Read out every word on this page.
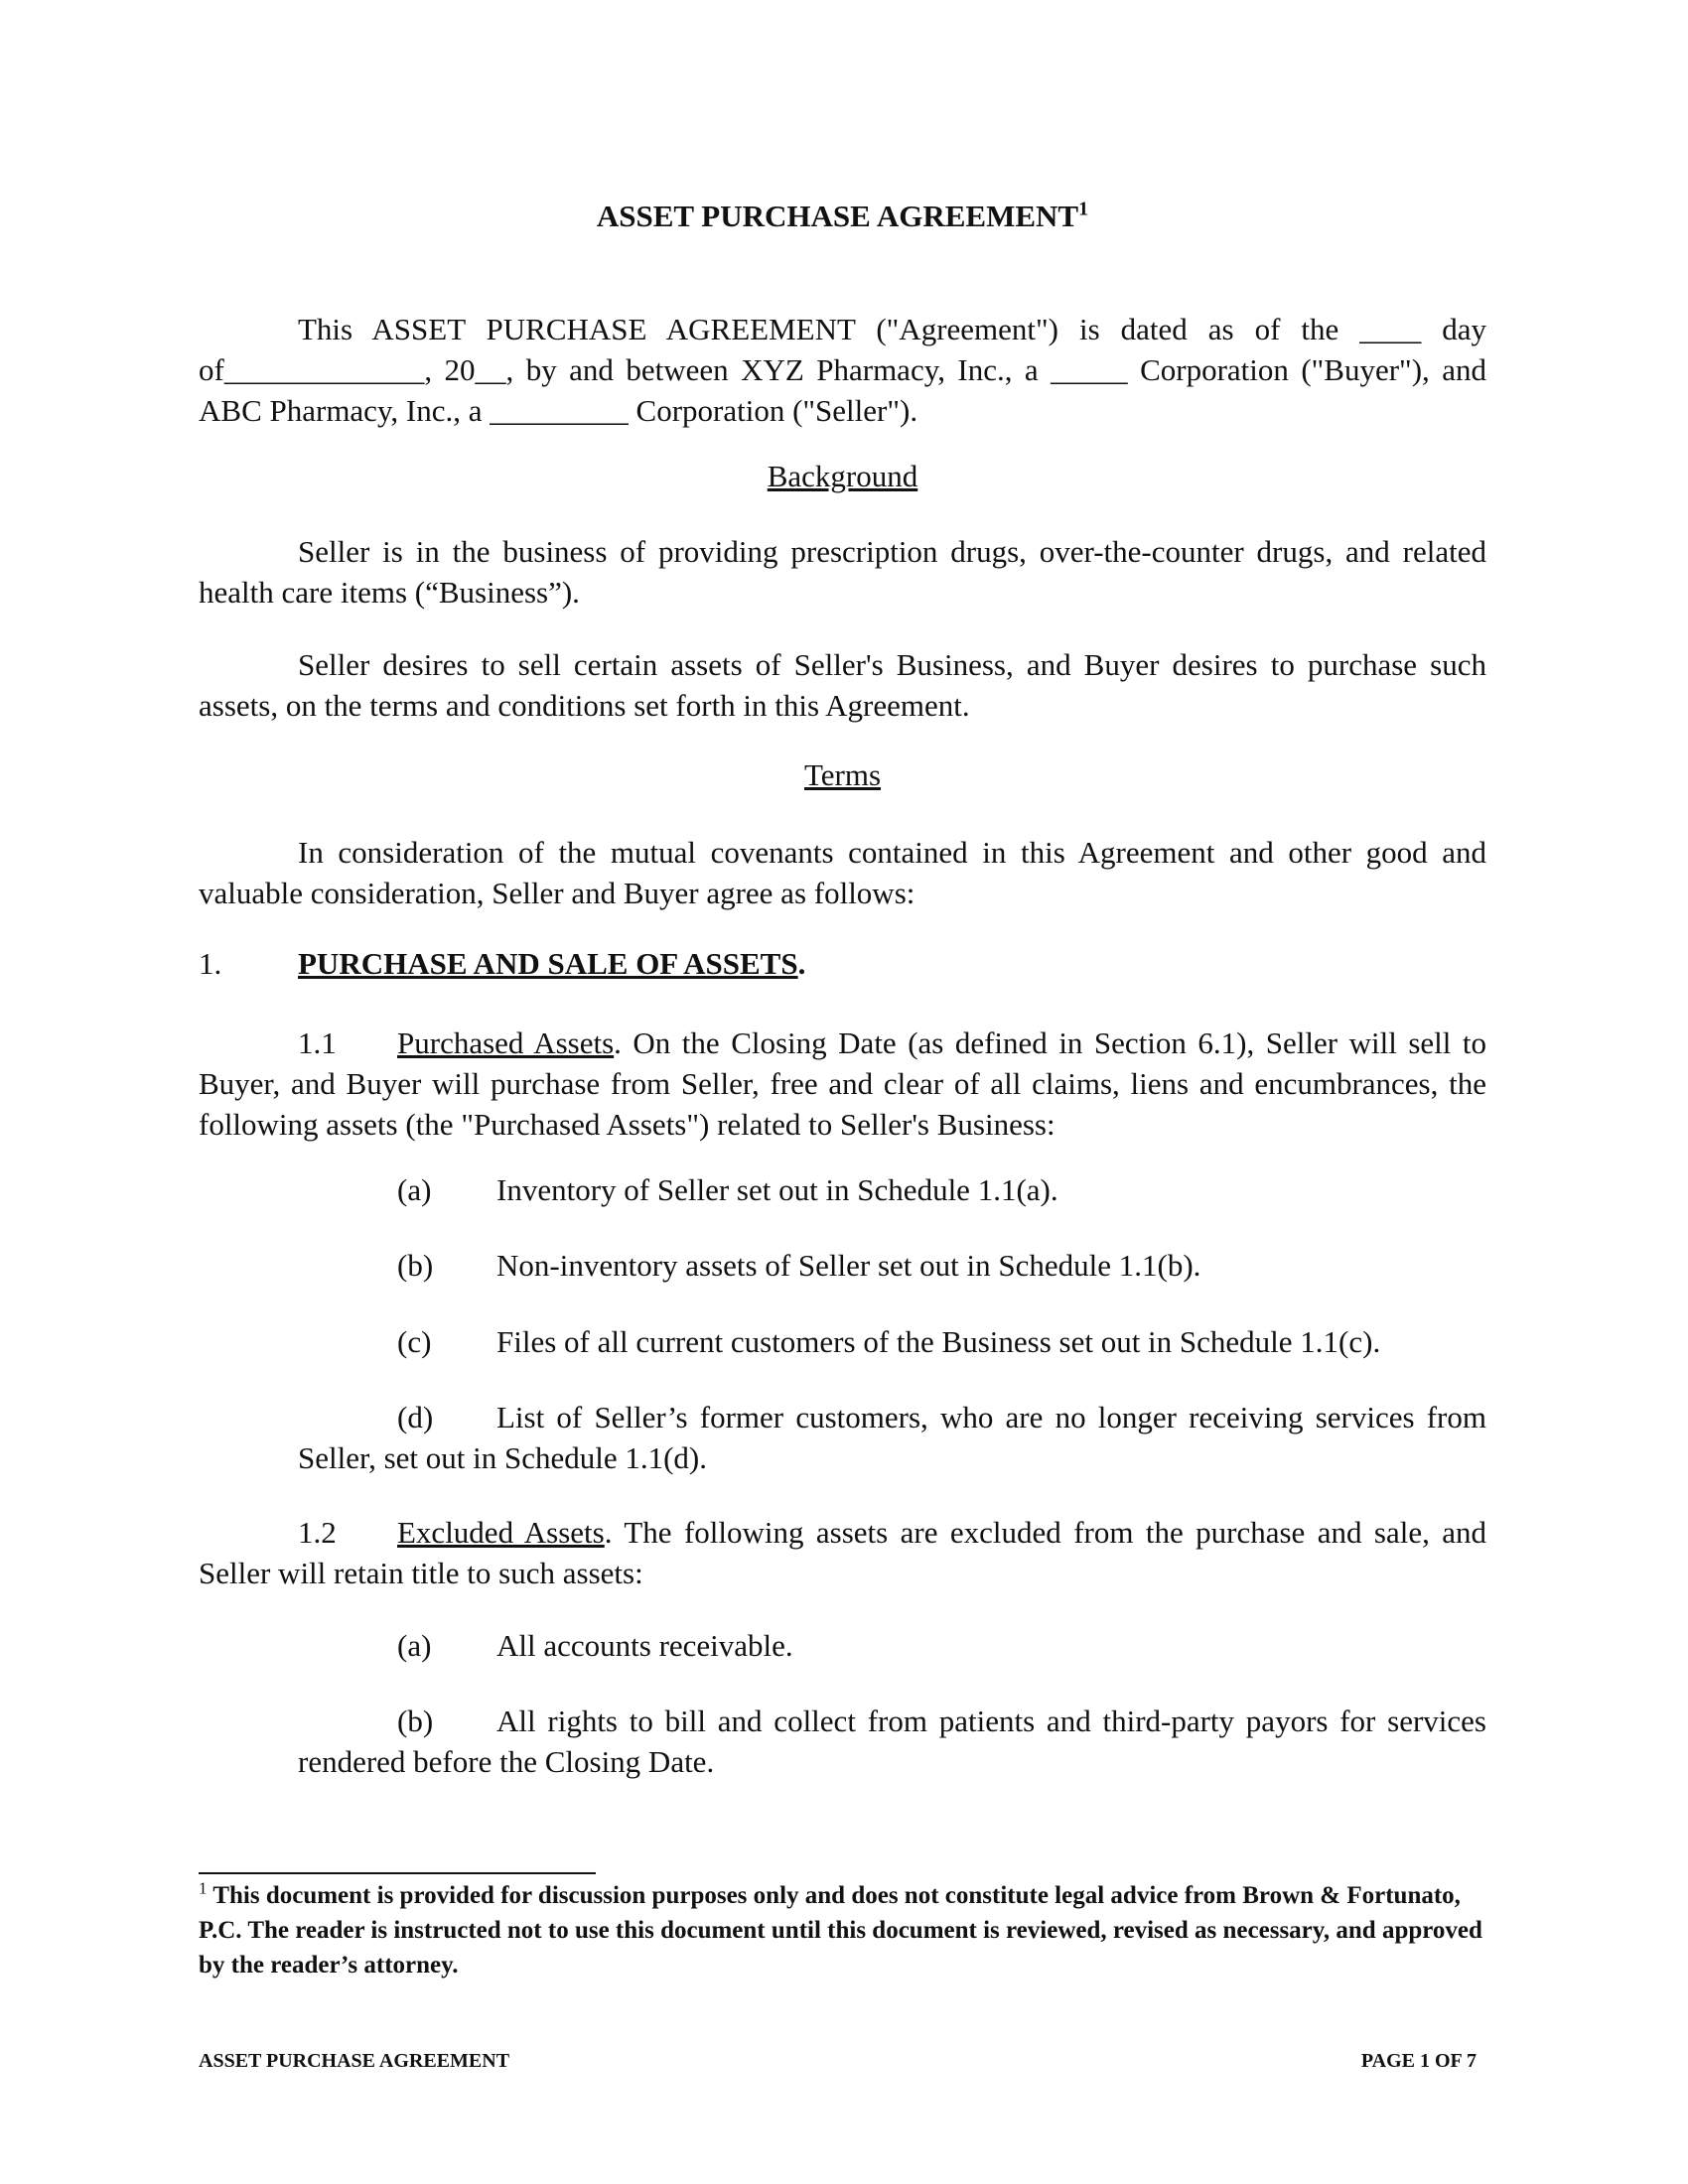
ASSET PURCHASE AGREEMENT$^1$
This ASSET PURCHASE AGREEMENT ("Agreement") is dated as of the ____ day of_____________, 20__, by and between XYZ Pharmacy, Inc., a _____ Corporation ("Buyer"), and ABC Pharmacy, Inc., a _________ Corporation ("Seller").
Background
Seller is in the business of providing prescription drugs, over-the-counter drugs, and related health care items (“Business”).
Seller desires to sell certain assets of Seller's Business, and Buyer desires to purchase such assets, on the terms and conditions set forth in this Agreement.
Terms
In consideration of the mutual covenants contained in this Agreement and other good and valuable consideration, Seller and Buyer agree as follows:
1. PURCHASE AND SALE OF ASSETS.
1.1 Purchased Assets. On the Closing Date (as defined in Section 6.1), Seller will sell to Buyer, and Buyer will purchase from Seller, free and clear of all claims, liens and encumbrances, the following assets (the "Purchased Assets") related to Seller's Business:
(a) Inventory of Seller set out in Schedule 1.1(a).
(b) Non-inventory assets of Seller set out in Schedule 1.1(b).
(c) Files of all current customers of the Business set out in Schedule 1.1(c).
(d) List of Seller’s former customers, who are no longer receiving services from Seller, set out in Schedule 1.1(d).
1.2 Excluded Assets. The following assets are excluded from the purchase and sale, and Seller will retain title to such assets:
(a) All accounts receivable.
(b) All rights to bill and collect from patients and third-party payors for services rendered before the Closing Date.
$^1$ This document is provided for discussion purposes only and does not constitute legal advice from Brown & Fortunato, P.C. The reader is instructed not to use this document until this document is reviewed, revised as necessary, and approved by the reader’s attorney.
ASSET PURCHASE AGREEMENT	PAGE 1 OF 7
